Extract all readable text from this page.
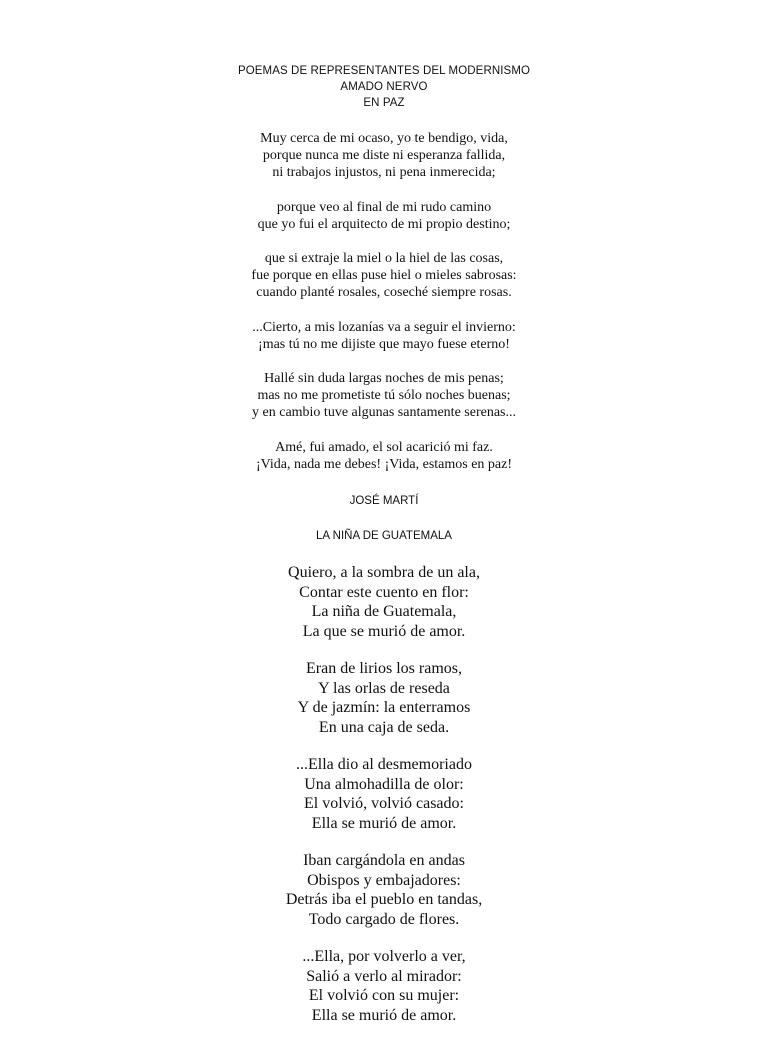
POEMAS DE REPRESENTANTES DEL MODERNISMO
AMADO NERVO
EN PAZ
Muy cerca de mi ocaso, yo te bendigo, vida,
porque nunca me diste ni esperanza fallida,
ni trabajos injustos, ni pena inmerecida;
porque veo al final de mi rudo camino
que yo fui el arquitecto de mi propio destino;
que si extraje la miel o la hiel de las cosas,
fue porque en ellas puse hiel o mieles sabrosas:
cuando planté rosales, coseché siempre rosas.
...Cierto, a mis lozanías va a seguir el invierno:
¡mas tú no me dijiste que mayo fuese eterno!
Hallé sin duda largas noches de mis penas;
mas no me prometiste tú sólo noches buenas;
y en cambio tuve algunas santamente serenas...
Amé, fui amado, el sol acarició mi faz.
¡Vida, nada me debes! ¡Vida, estamos en paz!
JOSÉ MARTÍ
LA NIÑA DE GUATEMALA
Quiero, a la sombra de un ala,
Contar este cuento en flor:
La niña de Guatemala,
La que se murió de amor.
Eran de lirios los ramos,
Y las orlas de reseda
Y de jazmín: la enterramos
En una caja de seda.
...Ella dio al desmemoriado
Una almohadilla de olor:
El volvió, volvió casado:
Ella se murió de amor.
Iban cargándola en andas
Obispos y embajadores:
Detrás iba el pueblo en tandas,
Todo cargado de flores.
...Ella, por volverlo a ver,
Salió a verlo al mirador:
El volvió con su mujer:
Ella se murió de amor.
